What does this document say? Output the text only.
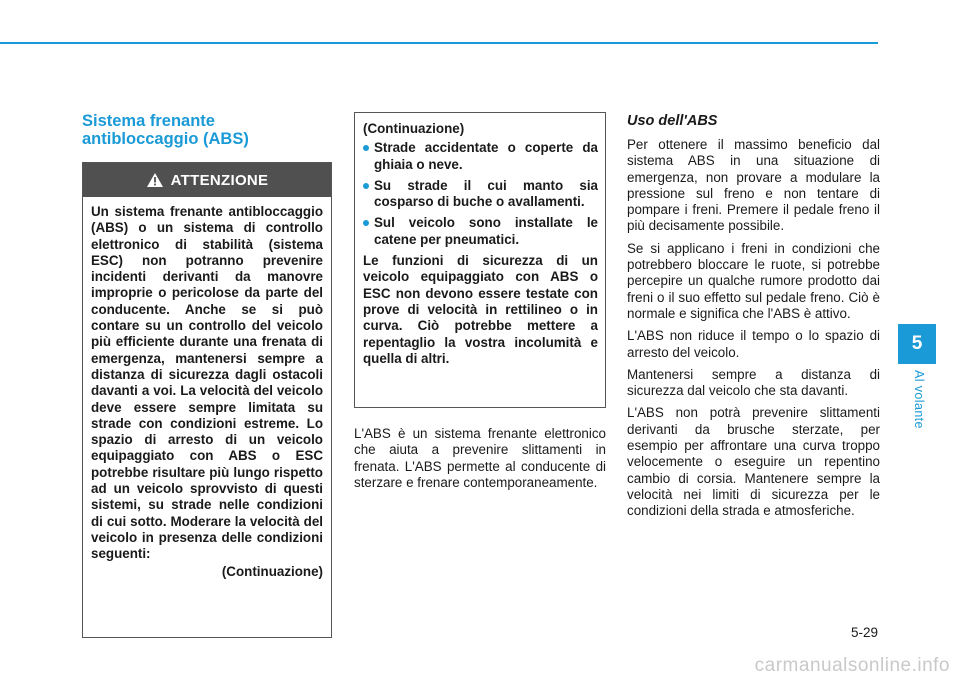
Sistema frenante
antibloccaggio (ABS)
ATTENZIONE
Un sistema frenante antibloccaggio (ABS) o un sistema di controllo elettronico di stabilità (sistema ESC) non potranno prevenire incidenti derivanti da manovre improprie o pericolose da parte del conducente. Anche se si può contare su un controllo del veicolo più efficiente durante una frenata di emergenza, mantenersi sempre a distanza di sicurezza dagli ostacoli davanti a voi. La velocità del veicolo deve essere sempre limitata su strade con condizioni estreme. Lo spazio di arresto di un veicolo equipaggiato con ABS o ESC potrebbe risultare più lungo rispetto ad un veicolo sprovvisto di questi sistemi, su strade nelle condizioni di cui sotto. Moderare la velocità del veicolo in presenza delle condizioni seguenti:
(Continuazione)
(Continuazione)
Strade accidentate o coperte da ghiaia o neve.
Su strade il cui manto sia cosparso di buche o avallamenti.
Sul veicolo sono installate le catene per pneumatici.
Le funzioni di sicurezza di un veicolo equipaggiato con ABS o ESC non devono essere testate con prove di velocità in rettilineo o in curva. Ciò potrebbe mettere a repentaglio la vostra incolumità e quella di altri.
L'ABS è un sistema frenante elettronico che aiuta a prevenire slittamenti in frenata. L'ABS permette al conducente di sterzare e frenare contemporaneamente.
Uso dell'ABS

Per ottenere il massimo beneficio dal sistema ABS in una situazione di emergenza, non provare a modulare la pressione sul freno e non tentare di pompare i freni. Premere il pedale freno il più decisamente possibile.

Se si applicano i freni in condizioni che potrebbero bloccare le ruote, si potrebbe percepire un qualche rumore prodotto dai freni o il suo effetto sul pedale freno. Ciò è normale e significa che l'ABS è attivo.

L'ABS non riduce il tempo o lo spazio di arresto del veicolo.

Mantenersi sempre a distanza di sicurezza dal veicolo che sta davanti.

L'ABS non potrà prevenire slittamenti derivanti da brusche sterzate, per esempio per affrontare una curva troppo velocemente o eseguire un repentino cambio di corsia. Mantenere sempre la velocità nei limiti di sicurezza per le condizioni della strada e atmosferiche.

5
Al volante
5-29
carmanualsonline.info
